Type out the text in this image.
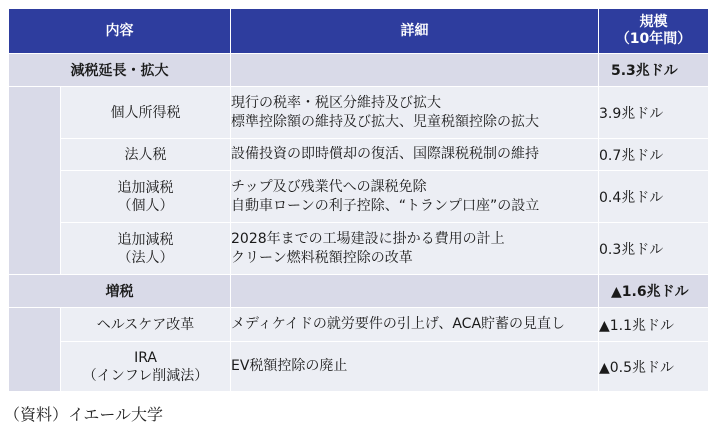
内容		詳細	規模
（10年間）

減税延長・拡大			5.3兆ドル

	個人所得税	現行の税率・税区分維持及び拡大
標準控除額の維持及び拡大、児童税額控除の拡大	3.9兆ドル

	法人税	設備投資の即時償却の復活、国際課税税制の維持	0.7兆ドル

	追加減税
（個人）	チップ及び残業代への課税免除
自動車ローンの利子控除、“トランプ口座”の設立	0.4兆ドル

	追加減税
（法人）	2028年までの工場建設に掛かる費用の計上
クリーン燃料税額控除の改革	0.3兆ドル
増税			▲1.6兆ドル

	ヘルスケア改革	メディケイドの就労要件の引上げ、ACA貯蓄の見直し	▲1.1兆ドル

	IRA
（インフレ削減法）	EV税額控除の廃止	▲0.5兆ドル
（資料）イエール大学
